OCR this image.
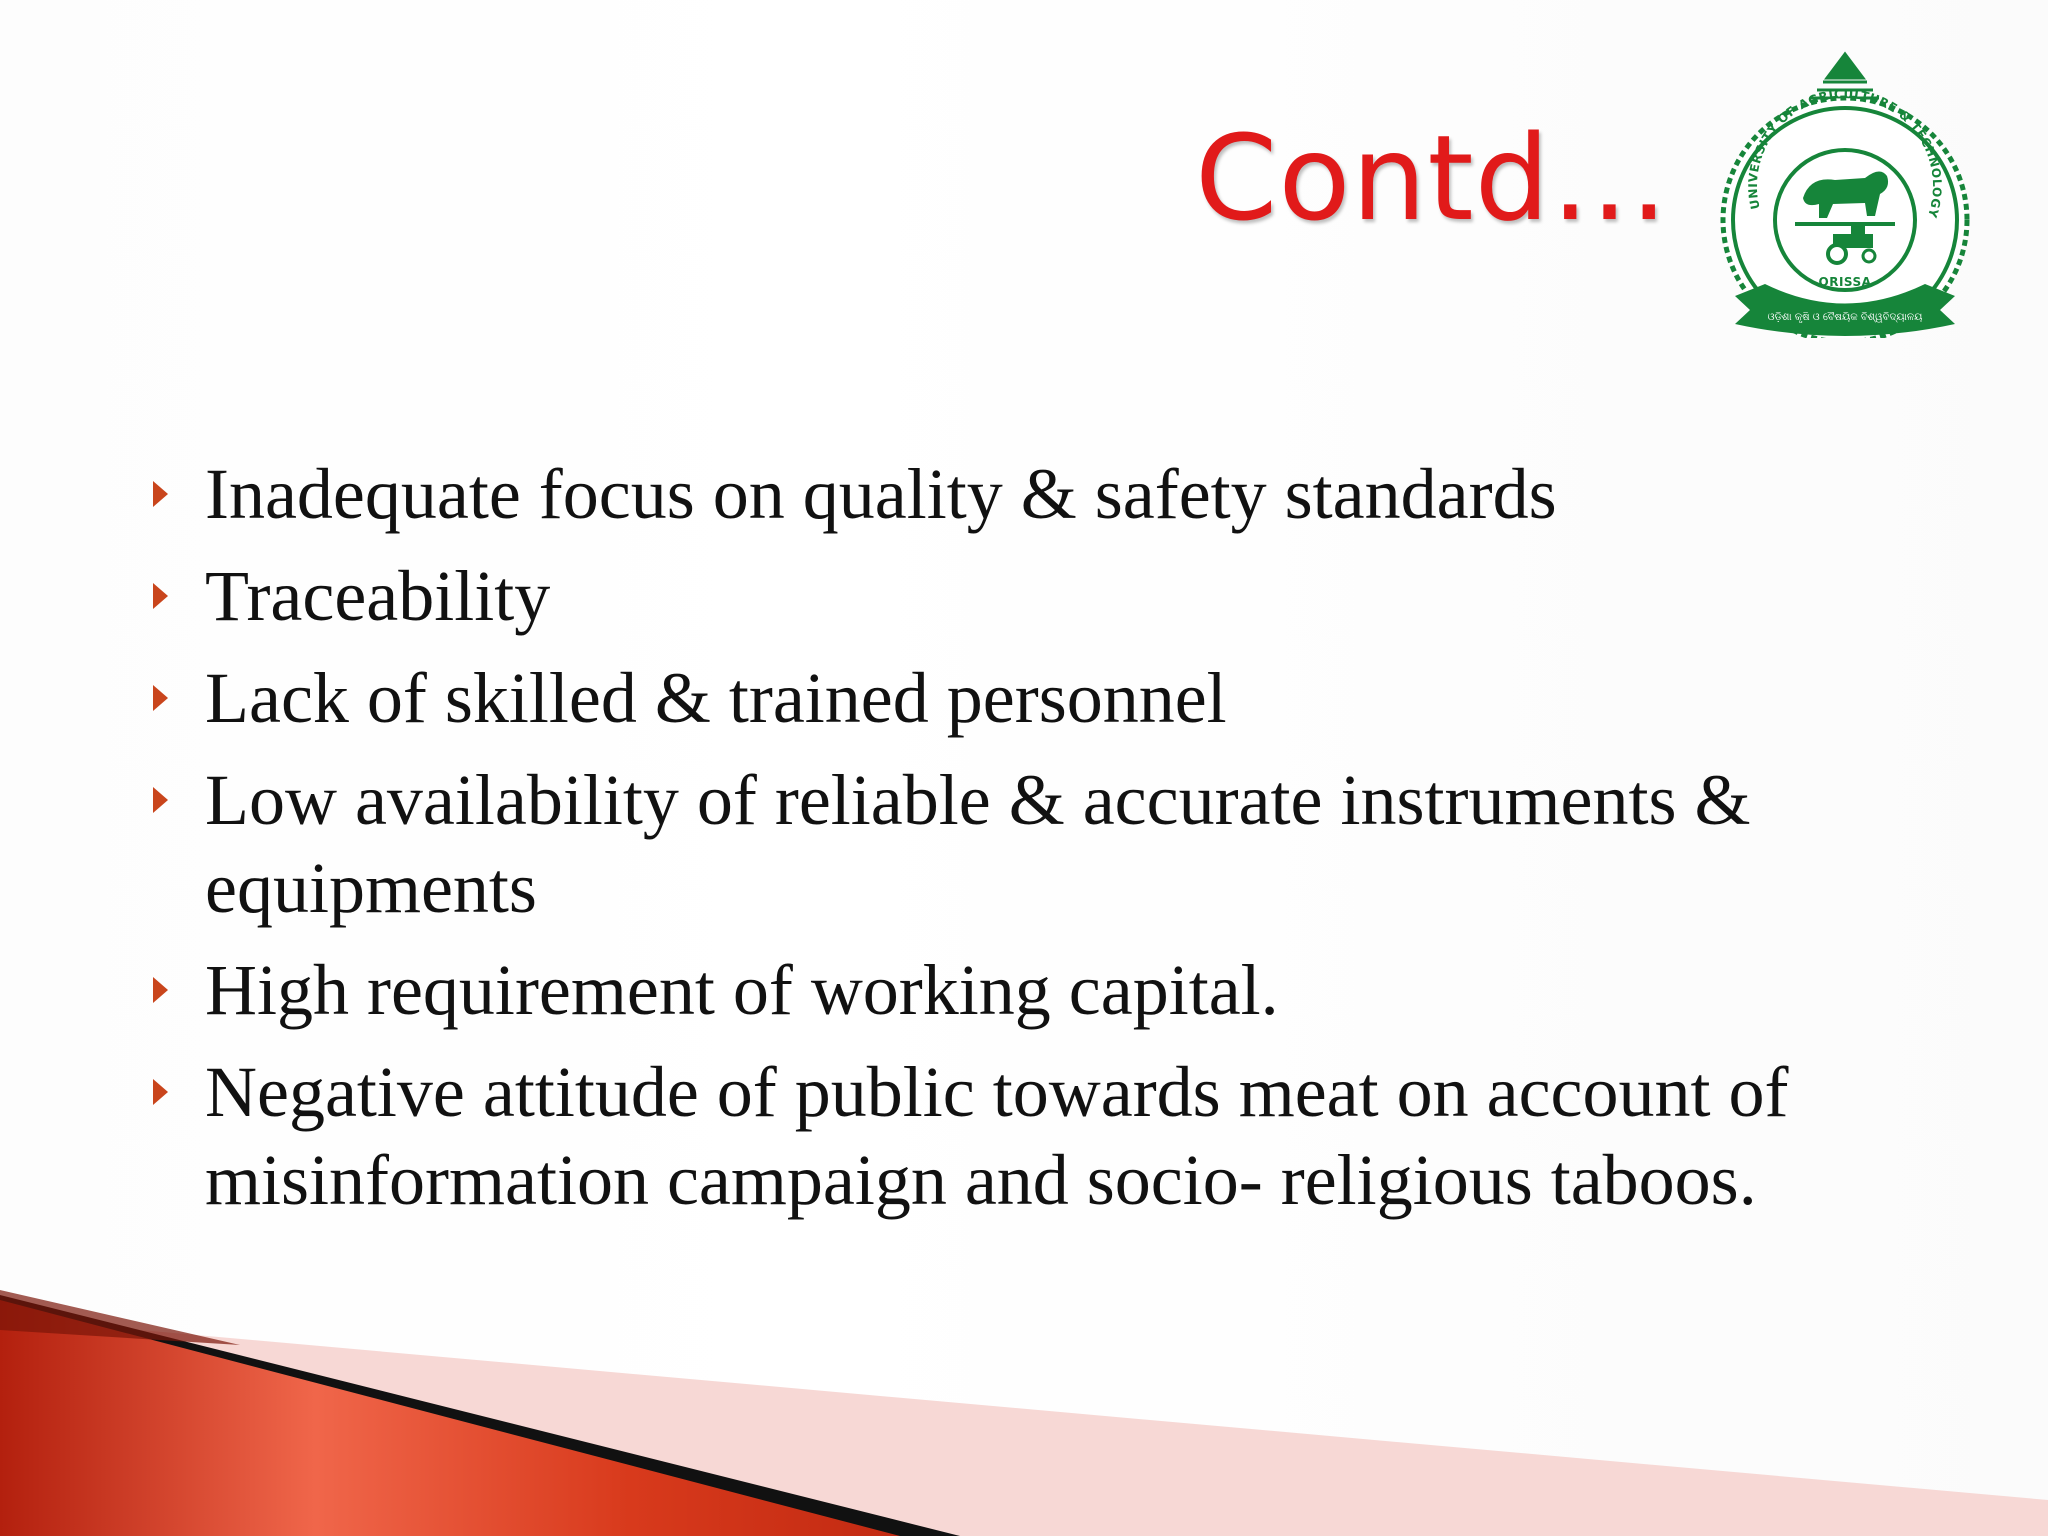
Contd…	UNIVERSITY OF AGRICULTURE & TECHNOLOGY
ORISSA
ଓଡ଼ିଶା କୃଷି ଓ ବୈଷୟିକ ବିଶ୍ୱବିଦ୍ୟାଳୟ
Inadequate focus on quality & safety standards
Traceability
Lack of skilled & trained personnel
Low availability of reliable & accurate instruments & equipments
High requirement of working capital.
Negative attitude of public towards meat on account of misinformation campaign and socio- religious taboos.
